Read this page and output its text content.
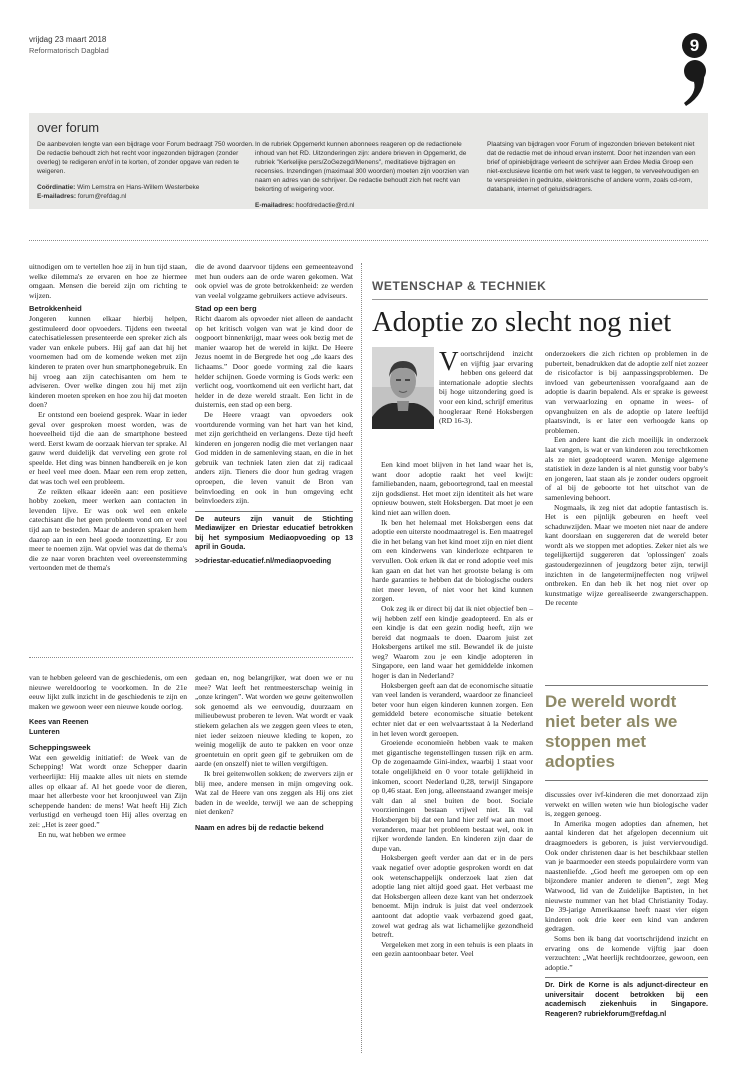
vrijdag 23 maart 2018
Reformatorisch Dagblad	9
over forum

De aanbevolen lengte van een bijdrage voor Forum bedraagt 750 woorden. De redactie behoudt zich het recht voor ingezonden bijdragen (zonder overleg) te redigeren en/of in te korten, of zonder opgave van reden te weigeren.

Coördinatie: Wim Lemstra en Hans-Willem Westerbeke

E-mailadres: forum@refdag.nl

In de rubriek Opgemerkt kunnen abonnees reageren op de redactionele inhoud van het RD. Uitzonderingen zijn: andere brieven in Opgemerkt, de rubriek "Kerkelijke pers/ZoGezegd/Menens", meditatieve bijdragen en recensies. Inzendingen (maximaal 300 woorden) moeten zijn voorzien van naam en adres van de schrijver. De redactie behoudt zich het recht van bekorting of weigering voor.

E-mailadres: hoofdredactie@rd.nl

Plaatsing van bijdragen voor Forum of ingezonden brieven betekent niet dat de redactie met de inhoud ervan instemt. Door het inzenden van een brief of opiniebijdrage verleent de schrijver aan Erdee Media Groep een niet-exclusieve licentie om het werk vast te leggen, te verveelvoudigen en te verspreiden in gedrukte, elektronische of andere vorm, zoals cd-rom, databank, internet of geluidsdragers.

uitnodigen om te vertellen hoe zij in hun tijd staan, welke dilemma's ze ervaren en hoe ze hiermee omgaan. Mensen die bereid zijn om richting te wijzen.

Betrokkenheid

Jongeren kunnen elkaar hierbij helpen, gestimuleerd door opvoeders. Tijdens een tweetal catechisatielessen presenteerde een spreker zich als vader van enkele pubers. Hij gaf aan dat hij het voornemen had om de komende weken met zijn kinderen te praten over hun smartphonegebruik. En hij vroeg aan zijn catechisanten om hem te adviseren. Over welke dingen zou hij met zijn kinderen moeten spreken en hoe zou hij dat moeten doen?

Er ontstond een boeiend gesprek. Waar in ieder geval over gesproken moest worden, was de hoeveelheid tijd die aan de smartphone besteed werd. Eerst kwam de oorzaak hiervan ter sprake. Al gauw werd duidelijk dat verveling een grote rol speelde. Het ding was binnen handbereik en je kon er heel veel mee doen. Maar een rem erop zetten, dat was toch wel een probleem.

Ze reikten elkaar ideeën aan: een positieve hobby zoeken, meer werken aan contacten in levenden lijve. Er was ook wel een enkele catechisant die het geen probleem vond om er veel tijd aan te besteden. Maar de anderen spraken hem daarop aan in een heel goede toonzetting. Er zou meer te noemen zijn. Wat opviel was dat de thema's die ze naar voren brachten veel overeenstemming vertoonden met de thema's

die de avond daarvoor tijdens een gemeenteavond met hun ouders aan de orde waren gekomen. Wat ook opviel was de grote betrokkenheid: ze werden van veelal volgzame gebruikers actieve adviseurs.

Stad op een berg

Richt daarom als opvoeder niet alleen de aandacht op het kritisch volgen van wat je kind door de oogpoort binnenkrijgt, maar wees ook bezig met de manier waarop het de wereld in kijkt. De Heere Jezus noemt in de Bergrede het oog „de kaars des lichaams.” Door goede vorming zal die kaars helder schijnen. Goede vorming is Gods werk: een verlicht oog, voortkomend uit een verlicht hart, dat helder in de deze wereld straalt. Een licht in de duisternis, een stad op een berg.

De Heere vraagt van opvoeders ook voortdurende vorming van het hart van het kind, met zijn gerichtheid en verlangens. Deze tijd heeft kinderen en jongeren nodig die met verlangen naar God midden in de samenleving staan, en die in het gebruik van techniek laten zien dat zij radicaal anders zijn. Tieners die door hun gedrag vragen oproepen, die leven vanuit de Bron van beïnvloeding en ook in hun omgeving echt beïnvloeders zijn.

De auteurs zijn vanuit de Stichting Mediawijzer en Driestar educatief betrokken bij het symposium Mediaopvoeding op 13 april in Gouda.

>>driestar-educatief.nl/mediaopvoeding

van te hebben geleerd van de geschiedenis, om een nieuwe wereldoorlog te voorkomen. In de 21e eeuw lijkt zulk inzicht in de geschiedenis te zijn en maken we gewoon weer een nieuwe koude oorlog.

Kees van Reenen

Lunteren

Scheppingsweek

Wat een geweldig initiatief: de Week van de Schepping! Wat wordt onze Schepper daarin verheerlijkt: Hij maakte alles uit niets en stemde alles op elkaar af. Al het goede voor de dieren, maar het allerbeste voor het kroonjuweel van Zijn scheppende handen: de mens! Wat heeft Hij Zich verlustigd en verheugd toen Hij alles overzag en zei: „Het is zeer goed.”

En nu, wat hebben we ermee

gedaan en, nog belangrijker, wat doen we er nu mee? Wat leeft het rentmeesterschap weinig in „onze kringen”. Wat worden we geuw geitenwollen sok genoemd als we eenvoudig, duurzaam en milieubewust proberen te leven. Wat wordt er vaak stiekem gelachen als we zeggen geen vlees te eten, niet ieder seizoen nieuwe kleding te kopen, zo weinig mogelijk de auto te pakken en voor onze groentetuin en oprit geen gif te gebruiken om de aarde (en onszelf) niet te willen vergiftigen.

Ik brei geitenwollen sokken; de zwervers zijn er blij mee, andere mensen in mijn omgeving ook. Wat zal de Heere van ons zeggen als Hij ons ziet baden in de weelde, terwijl we aan de schepping niet denken?

Naam en adres bij de redactie bekend

WETENSCHAP & TECHNIEK
Adoptie zo slecht nog niet

Voortschrijdend inzicht en vijftig jaar ervaring hebben ons geleerd dat internationale adoptie slechts bij hoge uitzondering goed is voor een kind, schrijf emeritus hoogleraar René Hoksbergen (RD 16-3).

Een kind moet blijven in het land waar het is, want door adoptie raakt het veel kwijt: familiebanden, naam, geboortegrond, taal en meestal zijn godsdienst. Het moet zijn identiteit als het ware opnieuw bouwen, stelt Hoksbergen. Dat moet je een kind niet aan willen doen.

Ik ben het helemaal met Hoksbergen eens dat adoptie een uiterste noodmaatregel is. Een maatregel die in het belang van het kind moet zijn en niet dient om een kinderwens van kinderloze echtparen te vervullen. Ook erken ik dat er rond adoptie veel mis kan gaan en dat het van het grootste belang is om harde garanties te hebben dat de biologische ouders niet meer leven, of niet voor het kind kunnen zorgen.

Ook zeg ik er direct bij dat ik niet objectief ben – wij hebben zelf een kindje geadopteerd. En als er een kindje is dat een gezin nodig heeft, zijn we bereid dat nogmaals te doen. Daarom juist zet Hoksbergens artikel me stil. Bewandel ik de juiste weg? Waarom zou je een kindje adopteren in Singapore, een land waar het gemiddelde inkomen hoger is dan in Nederland?

Hoksbergen geeft aan dat de economische situatie van veel landen is veranderd, waardoor ze financieel beter voor hun eigen kinderen kunnen zorgen. Een gemiddeld betere economische situatie betekent echter niet dat er een welvaartsstaat à la Nederland in het leven wordt geroepen.

Groeiende economieën hebben vaak te maken met gigantische tegenstellingen tussen rijk en arm. Op de zogenaamde Gini-index, waarbij 1 staat voor totale ongelijkheid en 0 voor totale gelijkheid in inkomen, scoort Nederland 0,28, terwijl Singapore op 0,46 staat. Een jong, alleenstaand zwanger meisje valt dan al snel buiten de boot. Sociale voorzieningen bestaan vrijwel niet. Ik val Hoksbergen bij dat een land hier zelf wat aan moet veranderen, maar het probleem bestaat wel, ook in rijker wordende landen. En kinderen zijn daar de dupe van.

Hoksbergen geeft verder aan dat er in de pers vaak negatief over adoptie gesproken wordt en dat ook wetenschappelijk onderzoek laat zien dat adoptie lang niet altijd goed gaat. Het verbaast me dat Hoksbergen alleen deze kant van het onderzoek benoemt. Mijn indruk is juist dat veel onderzoek aantoont dat adoptie vaak verbazend goed gaat, zowel wat gedrag als wat lichamelijke gezondheid betreft.

Vergeleken met zorg in een tehuis is een plaats in een gezin aantoonbaar beter. Veel

onderzoekers die zich richten op problemen in de puberteit, benadrukken dat de adoptie zelf niet zozeer de risicofactor is bij aanpassingsproblemen. De invloed van gebeurtenissen voorafgaand aan de adoptie is daarin bepalend. Als er sprake is geweest van verwaarlozing en opname in wees- of opvanghuizen en als de adoptie op latere leeftijd plaatsvindt, is er later een verhoogde kans op problemen.

Een andere kant die zich moeilijk in onderzoek laat vangen, is wat er van kinderen zou terechtkomen als ze niet geadopteerd waren. Menige algemene statistiek in deze landen is al niet gunstig voor baby's en jongeren, laat staan als je zonder ouders opgroeit of al bij de geboorte tot het uitschot van de samenleving behoort.

Nogmaals, ik zeg niet dat adoptie fantastisch is. Het is een pijnlijk gebeuren en heeft veel schaduwzijden. Maar we moeten niet naar de andere kant doorslaan en suggereren dat de wereld beter wordt als we stoppen met adopties. Zeker niet als we tegelijkertijd suggereren dat 'oplossingen' zoals gastoudergezinnen of jeugdzorg beter zijn, terwijl inzichten in de langetermijneffecten nog vrijwel ontbreken. En dan heb ik het nog niet over op kunstmatige wijze gerealiseerde zwangerschappen. De recente

De wereld wordt niet beter als we stoppen met adopties

discussies over ivf-kinderen die met donorzaad zijn verwekt en willen weten wie hun biologische vader is, zeggen genoeg.

In Amerika mogen adopties dan afnemen, het aantal kinderen dat het afgelopen decennium uit draagmoeders is geboren, is juist verviervoudigd. Ook onder christenen daar is het beschikbaar stellen van je baarmoeder een steeds populairdere vorm van naastenliefde. „God heeft me geroepen om op een bijzondere manier anderen te dienen”, zegt Meg Watwood, lid van de Zuidelijke Baptisten, in het nieuwste nummer van het blad Christianity Today. De 39-jarige Amerikaanse heeft naast vier eigen kinderen ook drie keer een kind van anderen gedragen.

Soms ben ik bang dat voortschrijdend inzicht en ervaring ons de komende vijftig jaar doen verzuchten: „Wat heerlijk rechtdoorzee, gewoon, een adoptie.”

Dr. Dirk de Korne is als adjunct-directeur en universitair docent betrokken bij een academisch ziekenhuis in Singapore. Reageren? rubriekforum@refdag.nl
